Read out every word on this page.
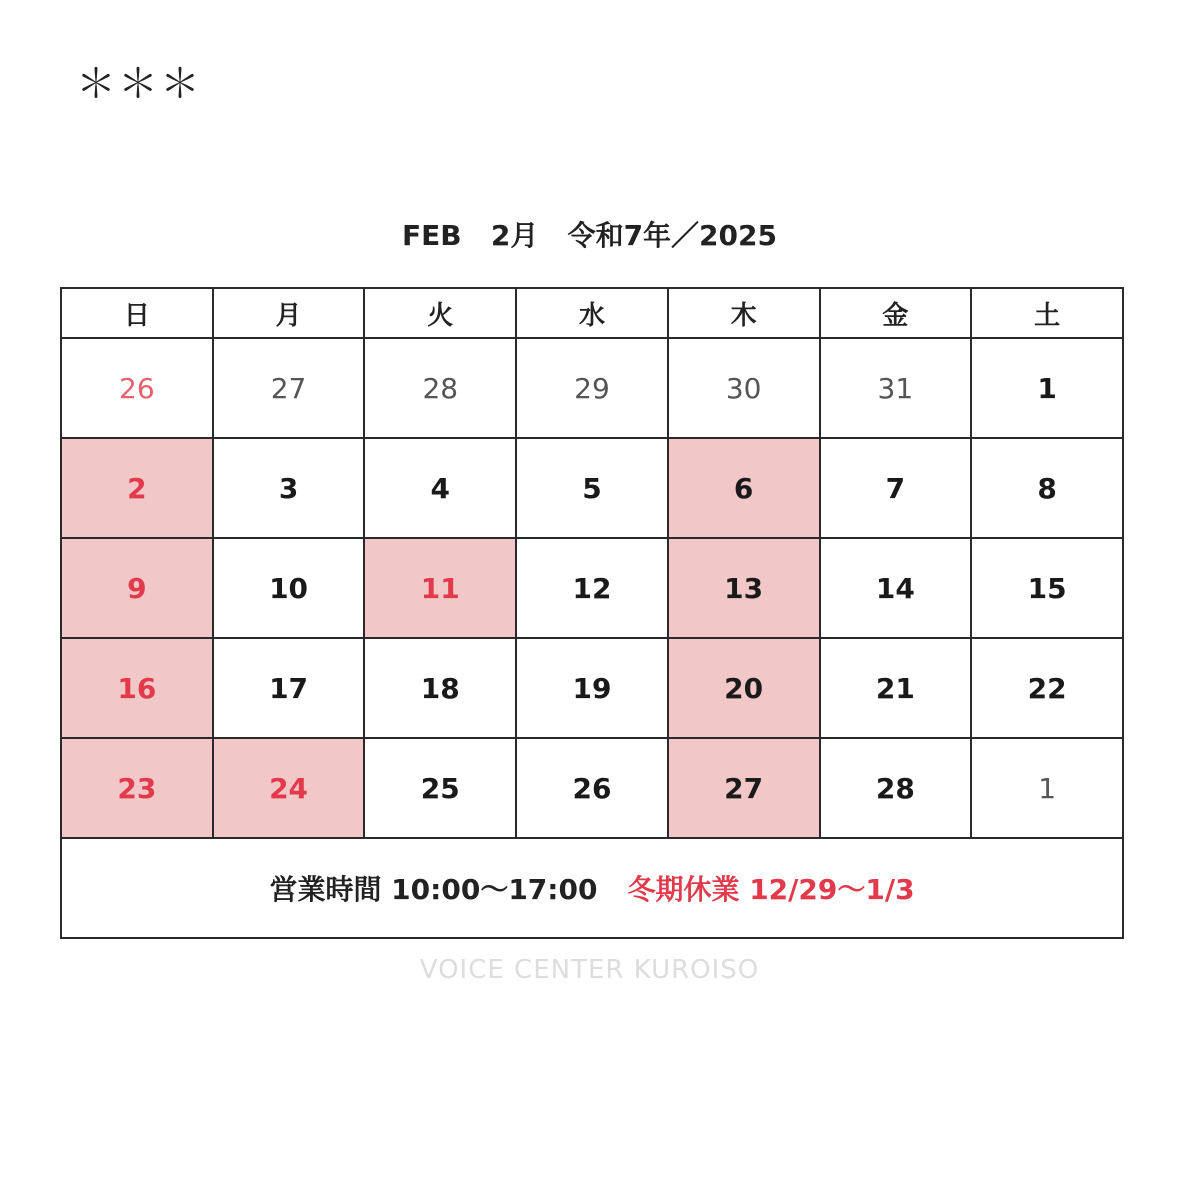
＊＊＊
FEB 2月 令和7年／2025
日	月	火	水	木	金	土
26	27	28	29	30	31	1
2	3	4	5	6	7	8
9	10	11	12	13	14	15
16	17	18	19	20	21	22
23	24	25	26	27	28	1
営業時間 10:00〜17:00 冬期休業 12/29〜1/3						
VOICE CENTER KUROISO
